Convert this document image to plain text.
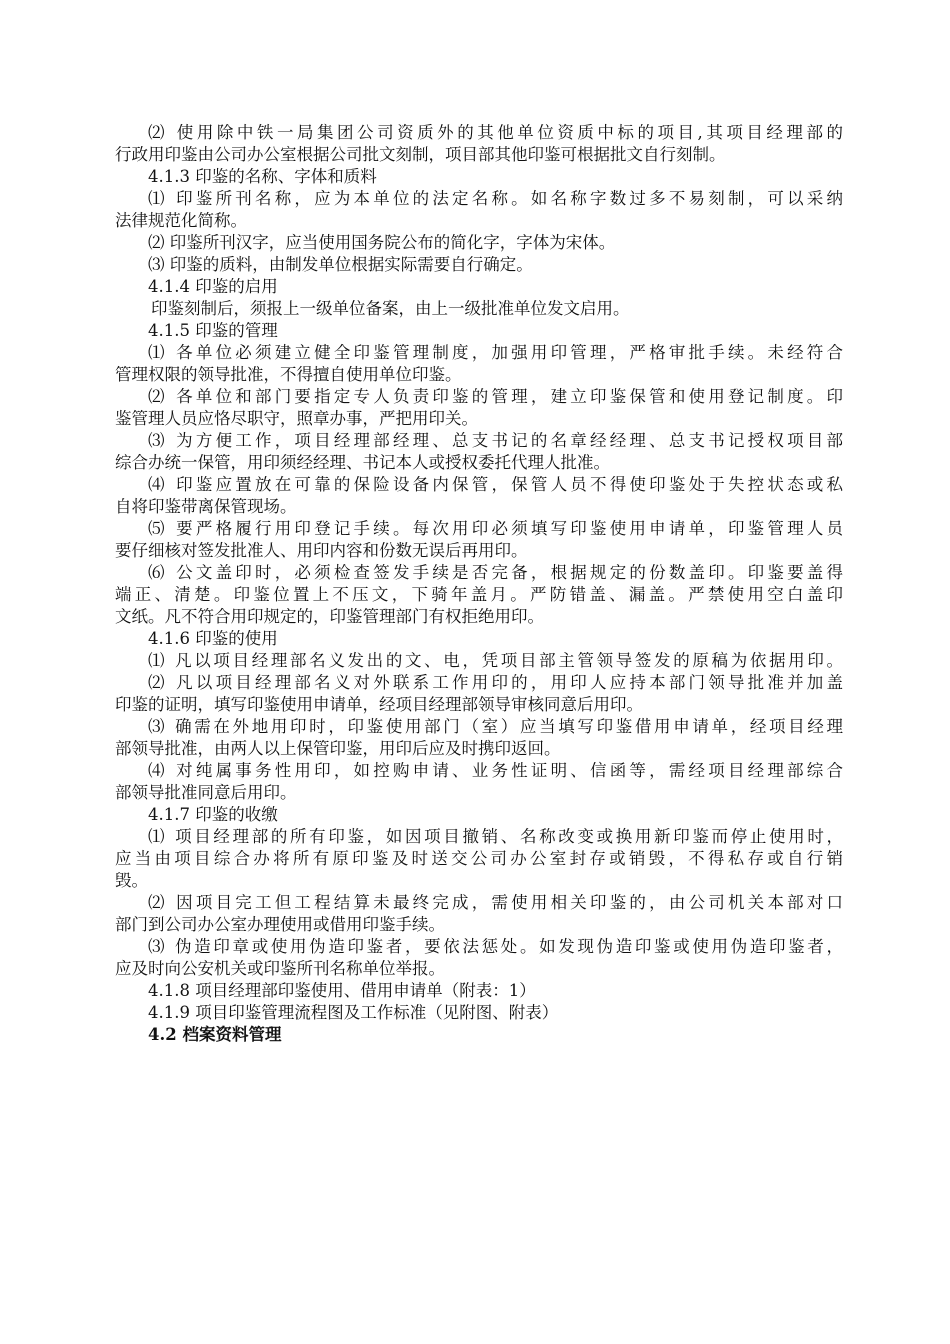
⑵ 使用除中铁一局集团公司资质外的其他单位资质中标的项目,其项目经理部的
行政用印鉴由公司办公室根据公司批文刻制，项目部其他印鉴可根据批文自行刻制。
4.1.3 印鉴的名称、字体和质料
⑴ 印鉴所刊名称，应为本单位的法定名称。如名称字数过多不易刻制，可以采纳
法律规范化简称。
⑵ 印鉴所刊汉字，应当使用国务院公布的简化字，字体为宋体。
⑶ 印鉴的质料，由制发单位根据实际需要自行确定。
4.1.4 印鉴的启用
印鉴刻制后，须报上一级单位备案，由上一级批准单位发文启用。
4.1.5 印鉴的管理
⑴ 各单位必须建立健全印鉴管理制度，加强用印管理，严格审批手续。未经符合
管理权限的领导批准，不得擅自使用单位印鉴。
⑵ 各单位和部门要指定专人负责印鉴的管理，建立印鉴保管和使用登记制度。印
鉴管理人员应恪尽职守，照章办事，严把用印关。
⑶ 为方便工作，项目经理部经理、总支书记的名章经经理、总支书记授权项目部
综合办统一保管，用印须经经理、书记本人或授权委托代理人批准。
⑷ 印鉴应置放在可靠的保险设备内保管，保管人员不得使印鉴处于失控状态或私
自将印鉴带离保管现场。
⑸ 要严格履行用印登记手续。每次用印必须填写印鉴使用申请单，印鉴管理人员
要仔细核对签发批准人、用印内容和份数无误后再用印。
⑹ 公文盖印时，必须检查签发手续是否完备，根据规定的份数盖印。印鉴要盖得
端正、清楚。印鉴位置上不压文，下骑年盖月。严防错盖、漏盖。严禁使用空白盖印
文纸。凡不符合用印规定的，印鉴管理部门有权拒绝用印。
4.1.6 印鉴的使用
⑴ 凡以项目经理部名义发出的文、电，凭项目部主管领导签发的原稿为依据用印。
⑵ 凡以项目经理部名义对外联系工作用印的，用印人应持本部门领导批准并加盖
印鉴的证明，填写印鉴使用申请单，经项目经理部领导审核同意后用印。
⑶ 确需在外地用印时，印鉴使用部门（室）应当填写印鉴借用申请单，经项目经理
部领导批准，由两人以上保管印鉴，用印后应及时携印返回。
⑷ 对纯属事务性用印，如控购申请、业务性证明、信函等，需经项目经理部综合
部领导批准同意后用印。
4.1.7 印鉴的收缴
⑴ 项目经理部的所有印鉴，如因项目撤销、名称改变或换用新印鉴而停止使用时，
应当由项目综合办将所有原印鉴及时送交公司办公室封存或销毁，不得私存或自行销
毁。
⑵ 因项目完工但工程结算未最终完成，需使用相关印鉴的，由公司机关本部对口
部门到公司办公室办理使用或借用印鉴手续。
⑶ 伪造印章或使用伪造印鉴者，要依法惩处。如发现伪造印鉴或使用伪造印鉴者，
应及时向公安机关或印鉴所刊名称单位举报。
4.1.8 项目经理部印鉴使用、借用申请单（附表：1）
4.1.9 项目印鉴管理流程图及工作标准（见附图、附表）
4.2 档案资料管理
